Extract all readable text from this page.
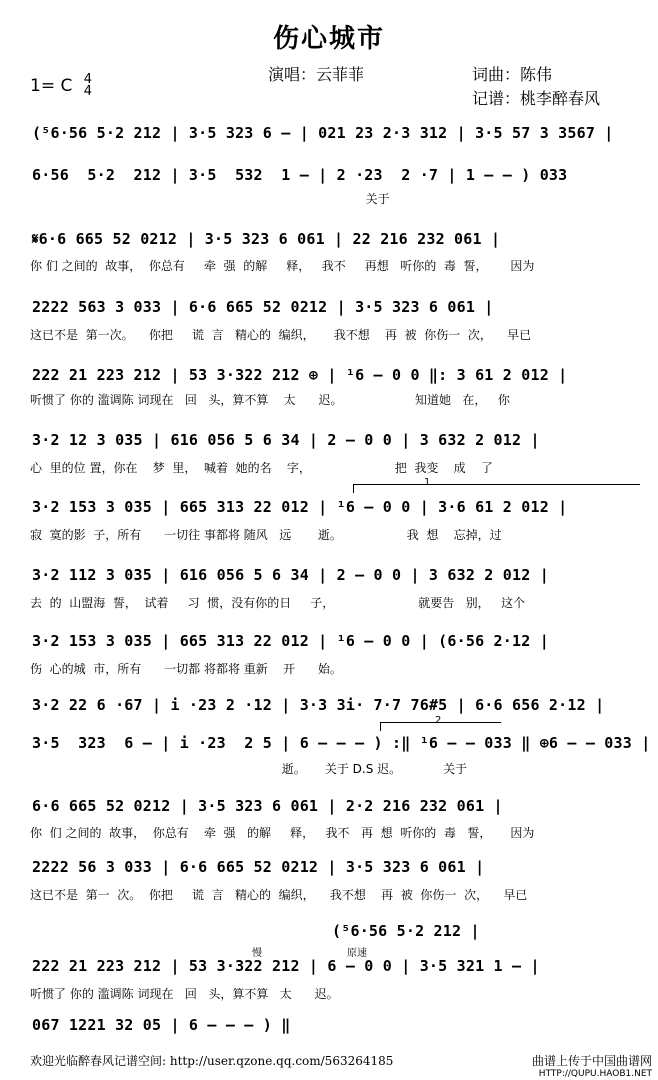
伤心城市
演唱：云菲菲	词曲：陈伟
记谱：桃李醉春风
1= C 4
4
(⁵6·56 5·2 212 | 3·5 323 6 – | 021 23 2·3 312 | 3·5 57 3 3567 |
6·56  5·2  212 | 3·5  532  1 – | 2 ·23  2 ·7 | 1 – – ) 033
关于
𝄋6·6 665 52 0212 | 3·5 323 6 061 | 22 216 232 061 |
你 们 之间的  故事，  你总有     牵  强  的解     释，   我不     再想   听你的  毒  誓，      因为
2222 563 3 033 | 6·6 665 52 0212 | 3·5 323 6 061 |
这已不是  第一次。    你把     谎  言   精心的  编织，     我不想    再  被  你伤一  次，    早已
222 21 223 212 | 53 3·322 212 ⊕ | ¹6 – 0 0 ‖: 3 61 2 012 |
听惯了 你的 滥调陈 词现在   回   头，算不算    太      迟。                   知道她   在，   你
3·2 12 3 035 | 616 056 5 6 34 | 2 – 0 0 | 3 632 2 012 |
心  里的位 置，你在    梦  里，  喊着  她的名    字，                      把  我变    成    了
1
3·2 153 3 035 | 665 313 22 012 | ¹6 – 0 0 | 3·6 61 2 012 |
寂  寞的影  子，所有      一切往 事都将 随风   远       逝。                 我  想    忘掉，过
3·2 112 3 035 | 616 056 5 6 34 | 2 – 0 0 | 3 632 2 012 |
去  的  山盟海  誓，  试着     习  惯，没有你的日     子，                      就要告   别，   这个
3·2 153 3 035 | 665 313 22 012 | ¹6 – 0 0 | (6·56 2·12 |
伤  心的城  市，所有      一切都 将都将 重新    开      始。
3·2 22 6 ·67 | i ·23 2 ·12 | 3·3 3i· 7·7 76#5 | 6·6 656 2·12 |
2
3·5  323  6 – | i ·23  2 5 | 6 – – – ) :‖ ¹6 – – 033 ‖ ⊕6 – – 033 |
逝。     关于 D.S 迟。           关于
6·6 665 52 0212 | 3·5 323 6 061 | 2·2 216 232 061 |
你  们 之间的  故事，  你总有    牵  强   的解     释，   我不   再  想  听你的  毒   誓，     因为
2222 56 3 033 | 6·6 665 52 0212 | 3·5 323 6 061 |
这已不是  第一  次。  你把     谎  言   精心的  编织，    我不想    再  被  你伤一  次，    早已
(⁵6·56 5·2 212 |
慢	原速
222 21 223 212 | 53 3·322 212 | 6 – 0 0 | 3·5 321 1 – |
听惯了 你的 滥调陈 词现在   回   头，算不算   太      迟。
067 1221 32 05 | 6 – – – ) ‖
欢迎光临醉春风记谱空间: http://user.qzone.qq.com/563264185	曲谱上传于中国曲谱网
HTTP://QUPU.HAOB1.NET
